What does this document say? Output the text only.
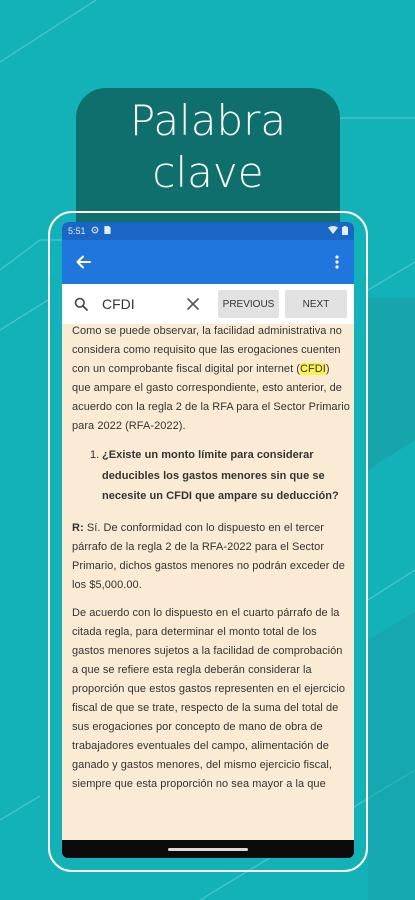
Palabra
clave
5:51
CFDI
PREVIOUS	NEXT

Como se puede observar, la facilidad administrativa no considera como requisito que las erogaciones cuenten con un comprobante fiscal digital por internet (CFDI) que ampare el gasto correspondiente, esto anterior, de acuerdo con la regla 2 de la RFA para el Sector Primario para 2022 (RFA-2022).

1. ¿Existe un monto límite para considerar deducibles los gastos menores sin que se necesite un CFDI que ampare su deducción?

R: Sí. De conformidad con lo dispuesto en el tercer párrafo de la regla 2 de la RFA-2022 para el Sector Primario, dichos gastos menores no podrán exceder de los $5,000.00.

De acuerdo con lo dispuesto en el cuarto párrafo de la citada regla, para determinar el monto total de los gastos menores sujetos a la facilidad de comprobación a que se refiere esta regla deberán considerar la proporción que estos gastos representen en el ejercicio fiscal de que se trate, respecto de la suma del total de sus erogaciones por concepto de mano de obra de trabajadores eventuales del campo, alimentación de ganado y gastos menores, del mismo ejercicio fiscal, siempre que esta proporción no sea mayor a la que
